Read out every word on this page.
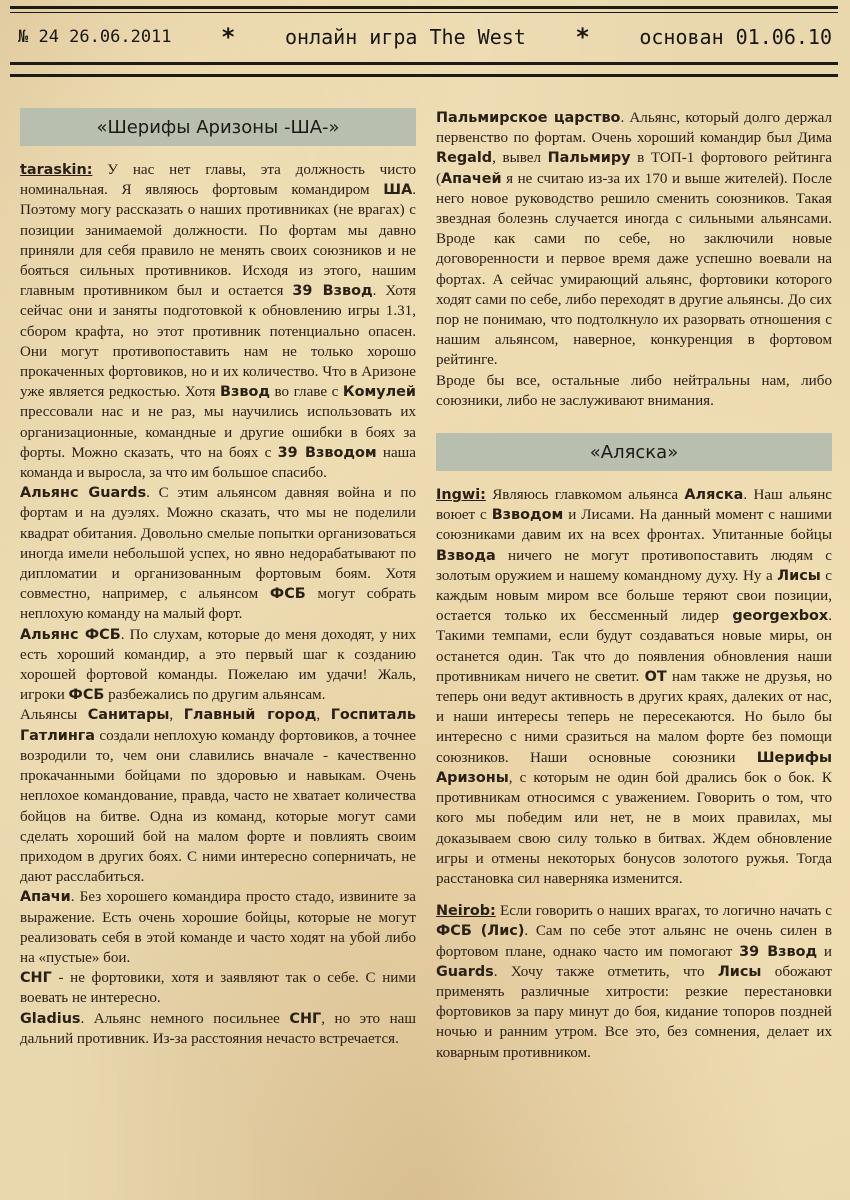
№ 24 26.06.2011 * онлайн игра The West * основан 01.06.10
«Шерифы Аризоны -ША-»

taraskin: У нас нет главы, эта должность чисто номинальная. Я являюсь фортовым командиром ША. Поэтому могу рассказать о наших противниках (не врагах) с позиции занимаемой должности. По фортам мы давно приняли для себя правило не менять своих союзников и не бояться сильных противников. Исходя из этого, нашим главным противником был и остается 39 Взвод. Хотя сейчас они и заняты подготовкой к обновлению игры 1.31, сбором крафта, но этот противник потенциально опасен. Они могут противопоставить нам не только хорошо прокаченных фортовиков, но и их количество. Что в Аризоне уже является редкостью. Хотя Взвод во главе с Комулей прессовали нас и не раз, мы научились использовать их организационные, командные и другие ошибки в боях за форты. Можно сказать, что на боях с 39 Взводом наша команда и выросла, за что им большое спасибо.

Альянс Guards. С этим альянсом давняя война и по фортам и на дуэлях. Можно сказать, что мы не поделили квадрат обитания. Довольно смелые попытки организоваться иногда имели небольшой успех, но явно недорабатывают по дипломатии и организованным фортовым боям. Хотя совместно, например, с альянсом ФСБ могут собрать неплохую команду на малый форт.

Альянс ФСБ. По слухам, которые до меня доходят, у них есть хороший командир, а это первый шаг к созданию хорошей фортовой команды. Пожелаю им удачи! Жаль, игроки ФСБ разбежались по другим альянсам.

Альянсы Санитары, Главный город, Госпиталь Гатлинга создали неплохую команду фортовиков, а точнее возродили то, чем они славились вначале - качественно прокачанными бойцами по здоровью и навыкам. Очень неплохое командование, правда, часто не хватает количества бойцов на битве. Одна из команд, которые могут сами сделать хороший бой на малом форте и повлиять своим приходом в других боях. С ними интересно соперничать, не дают расслабиться.

Апачи. Без хорошего командира просто стадо, извините за выражение. Есть очень хорошие бойцы, которые не могут реализовать себя в этой команде и часто ходят на убой либо на «пустые» бои.

СНГ - не фортовики, хотя и заявляют так о себе. С ними воевать не интересно.

Gladius. Альянс немного посильнее СНГ, но это наш дальний противник. Из-за расстояния нечасто встречается.

Пальмирское царство. Альянс, который долго держал первенство по фортам. Очень хороший командир был Дима Regald, вывел Пальмиру в ТОП-1 фортового рейтинга (Апачей я не считаю из-за их 170 и выше жителей). После него новое руководство решило сменить союзников. Такая звездная болезнь случается иногда с сильными альянсами. Вроде как сами по себе, но заключили новые договоренности и первое время даже успешно воевали на фортах. А сейчас умирающий альянс, фортовики которого ходят сами по себе, либо переходят в другие альянсы. До сих пор не понимаю, что подтолкнуло их разорвать отношения с нашим альянсом, наверное, конкуренция в фортовом рейтинге.

Вроде бы все, остальные либо нейтральны нам, либо союзники, либо не заслуживают внимания.

«Аляска»

Ingwi: Являюсь главкомом альянса Аляска. Наш альянс воюет с Взводом и Лисами. На данный момент с нашими союзниками давим их на всех фронтах. Упитанные бойцы Взвода ничего не могут противопоставить людям с золотым оружием и нашему командному духу. Ну а Лисы с каждым новым миром все больше теряют свои позиции, остается только их бессменный лидер georgexbox. Такими темпами, если будут создаваться новые миры, он останется один. Так что до появления обновления наши противникам ничего не светит. ОТ нам также не друзья, но теперь они ведут активность в других краях, далеких от нас, и наши интересы теперь не пересекаются. Но было бы интересно с ними сразиться на малом форте без помощи союзников. Наши основные союзники Шерифы Аризоны, с которым не один бой дрались бок о бок. К противникам относимся с уважением. Говорить о том, что кого мы победим или нет, не в моих правилах, мы доказываем свою силу только в битвах. Ждем обновление игры и отмены некоторых бонусов золотого ружья. Тогда расстановка сил наверняка изменится.

Neirob: Если говорить о наших врагах, то логично начать с ФСБ (Лис). Сам по себе этот альянс не очень силен в фортовом плане, однако часто им помогают 39 Взвод и Guards. Хочу также отметить, что Лисы обожают применять различные хитрости: резкие перестановки фортовиков за пару минут до боя, кидание топоров поздней ночью и ранним утром. Все это, без сомнения, делает их коварным противником.
